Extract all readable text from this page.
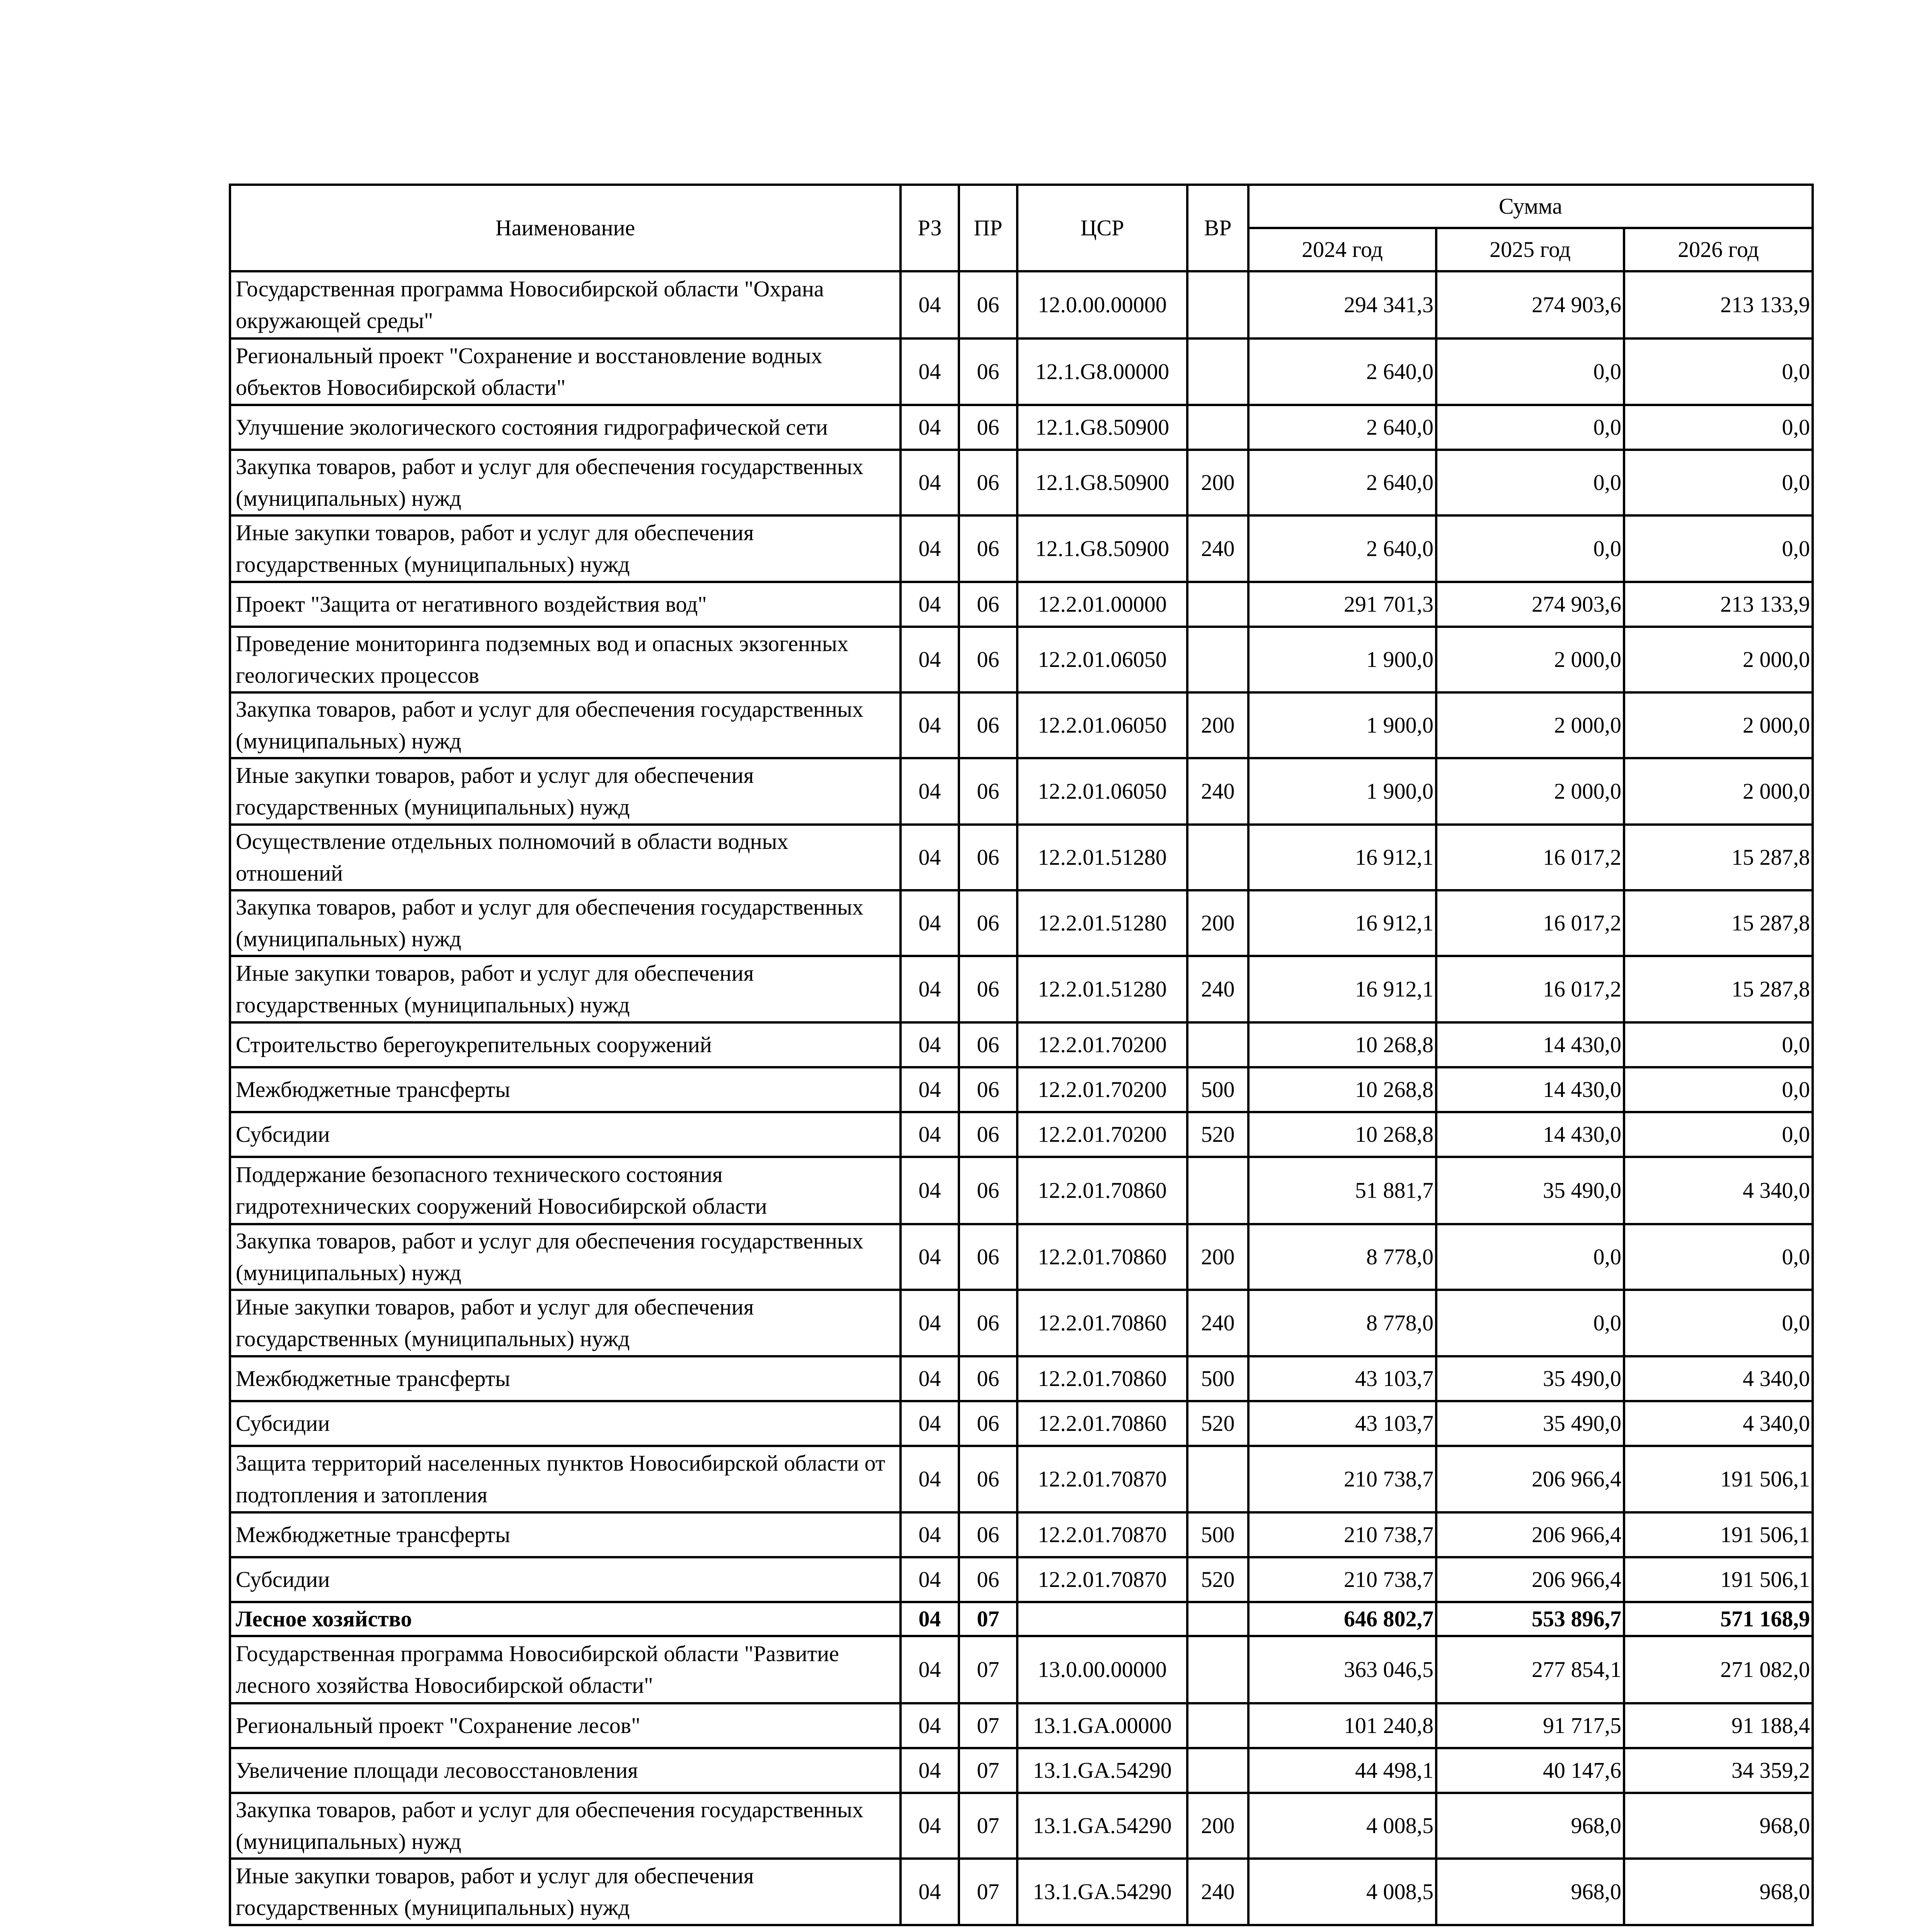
Наименование	РЗ	ПР	ЦСР	ВР	Сумма		
					2024 год	2025 год	2026 год
Государственная программа Новосибирской области "Охрана окружающей среды"	04	06	12.0.00.00000		294 341,3	274 903,6	213 133,9
Региональный проект "Сохранение и восстановление водных объектов Новосибирской области"	04	06	12.1.G8.00000		2 640,0	0,0	0,0
Улучшение экологического состояния гидрографической сети	04	06	12.1.G8.50900		2 640,0	0,0	0,0
Закупка товаров, работ и услуг для обеспечения государственных (муниципальных) нужд	04	06	12.1.G8.50900	200	2 640,0	0,0	0,0
Иные закупки товаров, работ и услуг для обеспечения государственных (муниципальных) нужд	04	06	12.1.G8.50900	240	2 640,0	0,0	0,0
Проект "Защита от негативного воздействия вод"	04	06	12.2.01.00000		291 701,3	274 903,6	213 133,9
Проведение мониторинга подземных вод и опасных экзогенных геологических процессов	04	06	12.2.01.06050		1 900,0	2 000,0	2 000,0
Закупка товаров, работ и услуг для обеспечения государственных (муниципальных) нужд	04	06	12.2.01.06050	200	1 900,0	2 000,0	2 000,0
Иные закупки товаров, работ и услуг для обеспечения государственных (муниципальных) нужд	04	06	12.2.01.06050	240	1 900,0	2 000,0	2 000,0
Осуществление отдельных полномочий в области водных отношений	04	06	12.2.01.51280		16 912,1	16 017,2	15 287,8
Закупка товаров, работ и услуг для обеспечения государственных (муниципальных) нужд	04	06	12.2.01.51280	200	16 912,1	16 017,2	15 287,8
Иные закупки товаров, работ и услуг для обеспечения государственных (муниципальных) нужд	04	06	12.2.01.51280	240	16 912,1	16 017,2	15 287,8
Строительство берегоукрепительных сооружений	04	06	12.2.01.70200		10 268,8	14 430,0	0,0
Межбюджетные трансферты	04	06	12.2.01.70200	500	10 268,8	14 430,0	0,0
Субсидии	04	06	12.2.01.70200	520	10 268,8	14 430,0	0,0
Поддержание безопасного технического состояния гидротехнических сооружений Новосибирской области	04	06	12.2.01.70860		51 881,7	35 490,0	4 340,0
Закупка товаров, работ и услуг для обеспечения государственных (муниципальных) нужд	04	06	12.2.01.70860	200	8 778,0	0,0	0,0
Иные закупки товаров, работ и услуг для обеспечения государственных (муниципальных) нужд	04	06	12.2.01.70860	240	8 778,0	0,0	0,0
Межбюджетные трансферты	04	06	12.2.01.70860	500	43 103,7	35 490,0	4 340,0
Субсидии	04	06	12.2.01.70860	520	43 103,7	35 490,0	4 340,0
Защита территорий населенных пунктов Новосибирской области от подтопления и затопления	04	06	12.2.01.70870		210 738,7	206 966,4	191 506,1
Межбюджетные трансферты	04	06	12.2.01.70870	500	210 738,7	206 966,4	191 506,1
Субсидии	04	06	12.2.01.70870	520	210 738,7	206 966,4	191 506,1
Лесное хозяйство	04	07			646 802,7	553 896,7	571 168,9
Государственная программа Новосибирской области "Развитие лесного хозяйства Новосибирской области"	04	07	13.0.00.00000		363 046,5	277 854,1	271 082,0
Региональный проект "Сохранение лесов"	04	07	13.1.GA.00000		101 240,8	91 717,5	91 188,4
Увеличение площади лесовосстановления	04	07	13.1.GA.54290		44 498,1	40 147,6	34 359,2
Закупка товаров, работ и услуг для обеспечения государственных (муниципальных) нужд	04	07	13.1.GA.54290	200	4 008,5	968,0	968,0
Иные закупки товаров, работ и услуг для обеспечения государственных (муниципальных) нужд	04	07	13.1.GA.54290	240	4 008,5	968,0	968,0
